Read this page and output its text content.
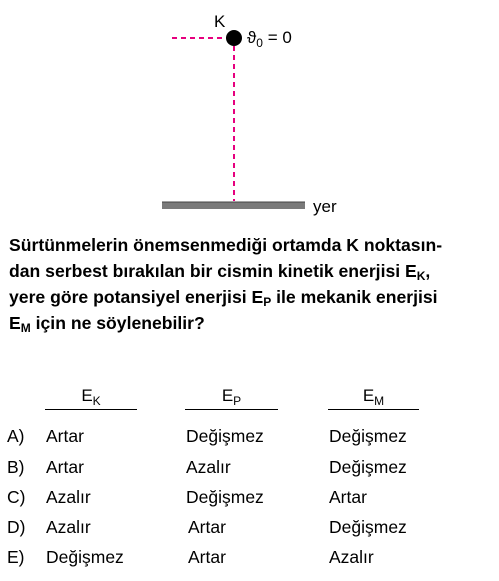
K
$ϑ_0 = 0$
yer
Sürtünmelerin önemsenmediği ortamda K noktasın-
dan serbest bırakılan bir cismin kinetik enerjisi $E_K$,
yere göre potansiyel enerjisi $E_P$ ile mekanik enerjisi
$E_M$ için ne söylenebilir?
$E_K$	$E_P$	$E_M$
A) Artar	Değişmez	Değişmez
B) Artar	Azalır	Değişmez
C) Azalır	Değişmez	Artar
D) Azalır	Artar	Değişmez
E) Değişmez	Artar	Azalır
